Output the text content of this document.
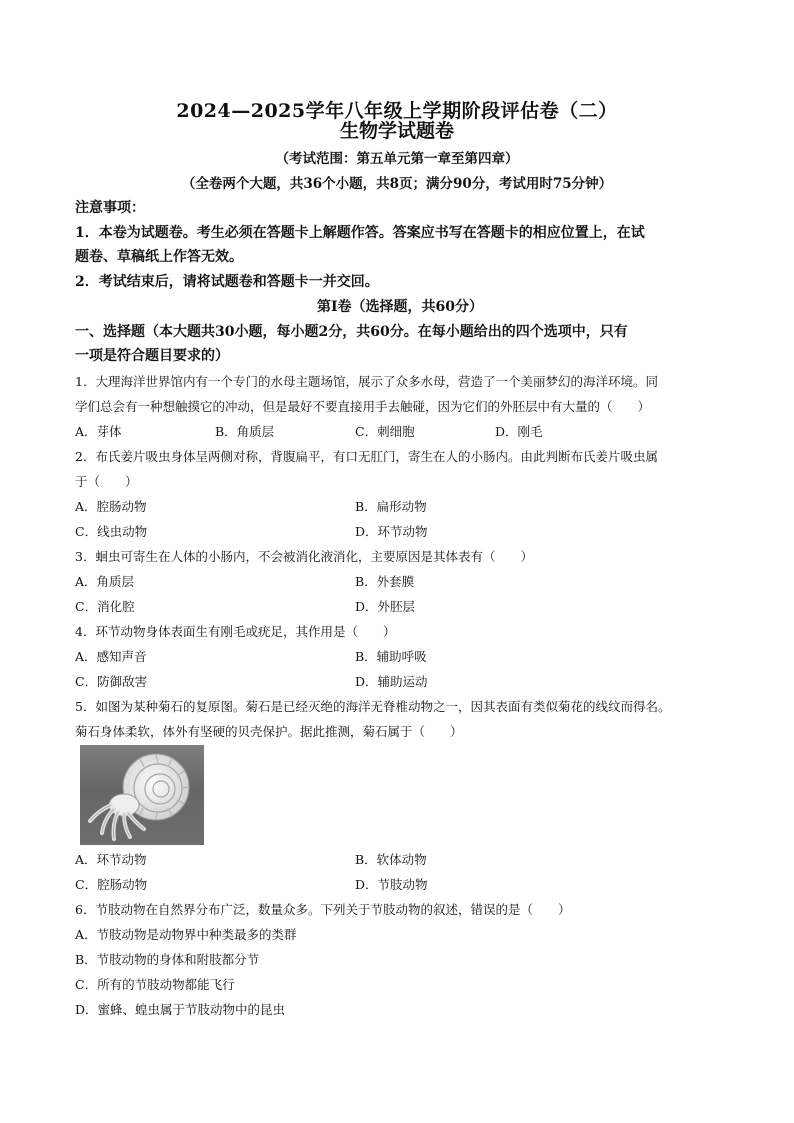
2024—2025学年八年级上学期阶段评估卷（二）
生物学试题卷
（考试范围：第五单元第一章至第四章）
（全卷两个大题，共36个小题，共8页；满分90分，考试用时75分钟）
注意事项：
1．本卷为试题卷。考生必须在答题卡上解题作答。答案应书写在答题卡的相应位置上，在试
题卷、草稿纸上作答无效。
2．考试结束后，请将试题卷和答题卡一并交回。
第Ⅰ卷（选择题，共60分）
一、选择题（本大题共30小题，每小题2分，共60分。在每小题给出的四个选项中，只有
一项是符合题目要求的）
1．大理海洋世界馆内有一个专门的水母主题场馆，展示了众多水母，营造了一个美丽梦幻的海洋环境。同
学们总会有一种想触摸它的冲动，但是最好不要直接用手去触碰，因为它们的外胚层中有大量的（　　）
A．芽体	B．角质层	C．刺细胞	D．刚毛
2．布氏姜片吸虫身体呈两侧对称，背腹扁平，有口无肛门，寄生在人的小肠内。由此判断布氏姜片吸虫属
于（　　）
A．腔肠动物	B．扁形动物
C．线虫动物	D．环节动物
3．蛔虫可寄生在人体的小肠内，不会被消化液消化，主要原因是其体表有（　　）
A．角质层	B．外套膜
C．消化腔	D．外胚层
4．环节动物身体表面生有刚毛或疣足，其作用是（　　）
A．感知声音	B．辅助呼吸
C．防御敌害	D．辅助运动
5．如图为某种菊石的复原图。菊石是已经灭绝的海洋无脊椎动物之一，因其表面有类似菊花的线纹而得名。
菊石身体柔软，体外有坚硬的贝壳保护。据此推测，菊石属于（　　）
A．环节动物	B．软体动物
C．腔肠动物	D．节肢动物
6．节肢动物在自然界分布广泛，数量众多。下列关于节肢动物的叙述，错误的是（　　）
A．节肢动物是动物界中种类最多的类群
B．节肢动物的身体和附肢都分节
C．所有的节肢动物都能飞行
D．蜜蜂、蝗虫属于节肢动物中的昆虫
